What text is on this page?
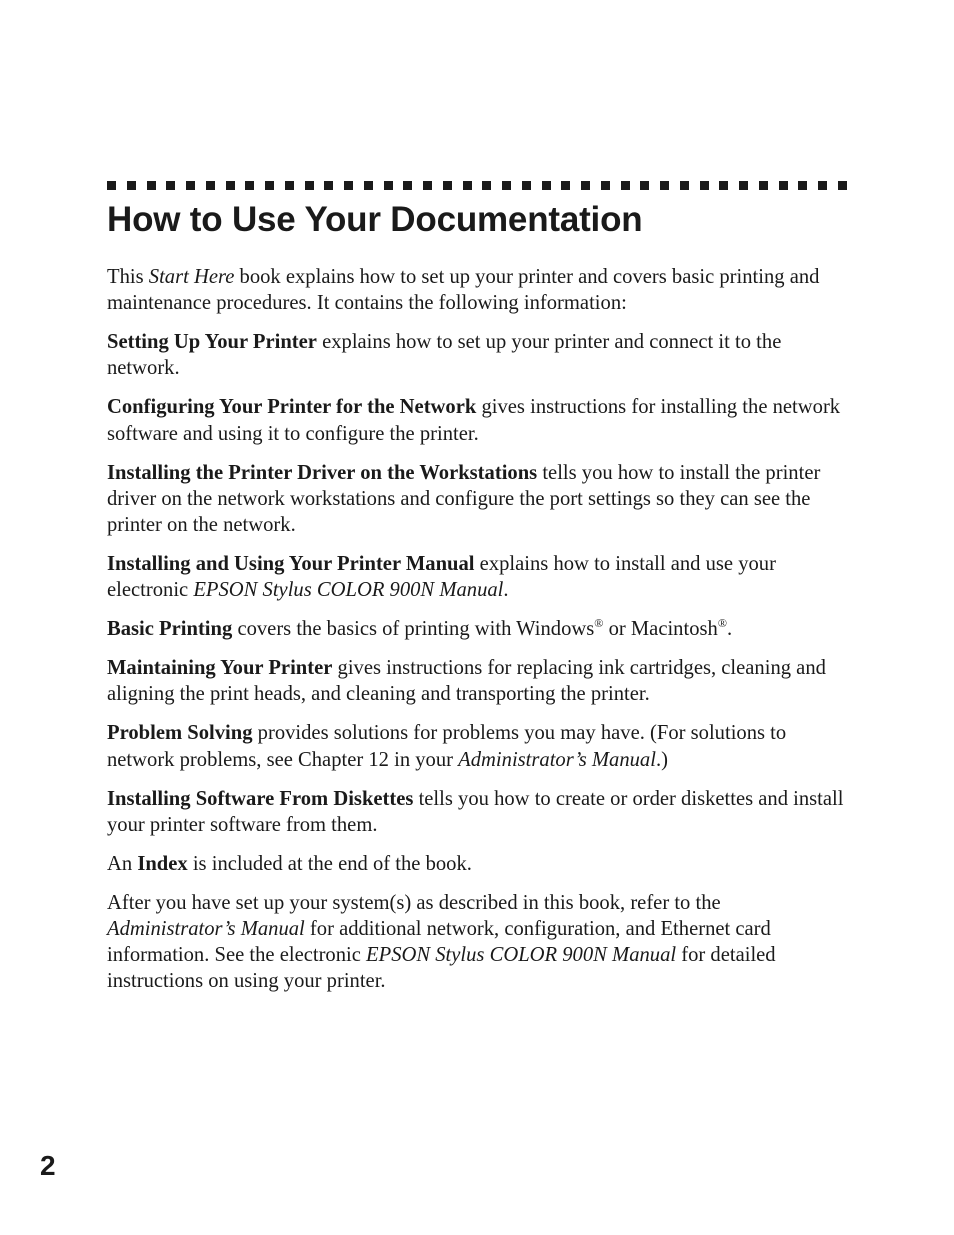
How to Use Your Documentation

This Start Here book explains how to set up your printer and covers basic printing and maintenance procedures. It contains the following information:

Setting Up Your Printer explains how to set up your printer and connect it to the network.

Configuring Your Printer for the Network gives instructions for installing the network software and using it to configure the printer.

Installing the Printer Driver on the Workstations tells you how to install the printer driver on the network workstations and configure the port settings so they can see the printer on the network.

Installing and Using Your Printer Manual explains how to install and use your electronic EPSON Stylus COLOR 900N Manual.

Basic Printing covers the basics of printing with Windows® or Macintosh®.

Maintaining Your Printer gives instructions for replacing ink cartridges, cleaning and aligning the print heads, and cleaning and transporting the printer.

Problem Solving provides solutions for problems you may have. (For solutions to network problems, see Chapter 12 in your Administrator’s Manual.)

Installing Software From Diskettes tells you how to create or order diskettes and install your printer software from them.

An Index is included at the end of the book.

After you have set up your system(s) as described in this book, refer to the Administrator’s Manual for additional network, configuration, and Ethernet card information. See the electronic EPSON Stylus COLOR 900N Manual for detailed instructions on using your printer.

2
